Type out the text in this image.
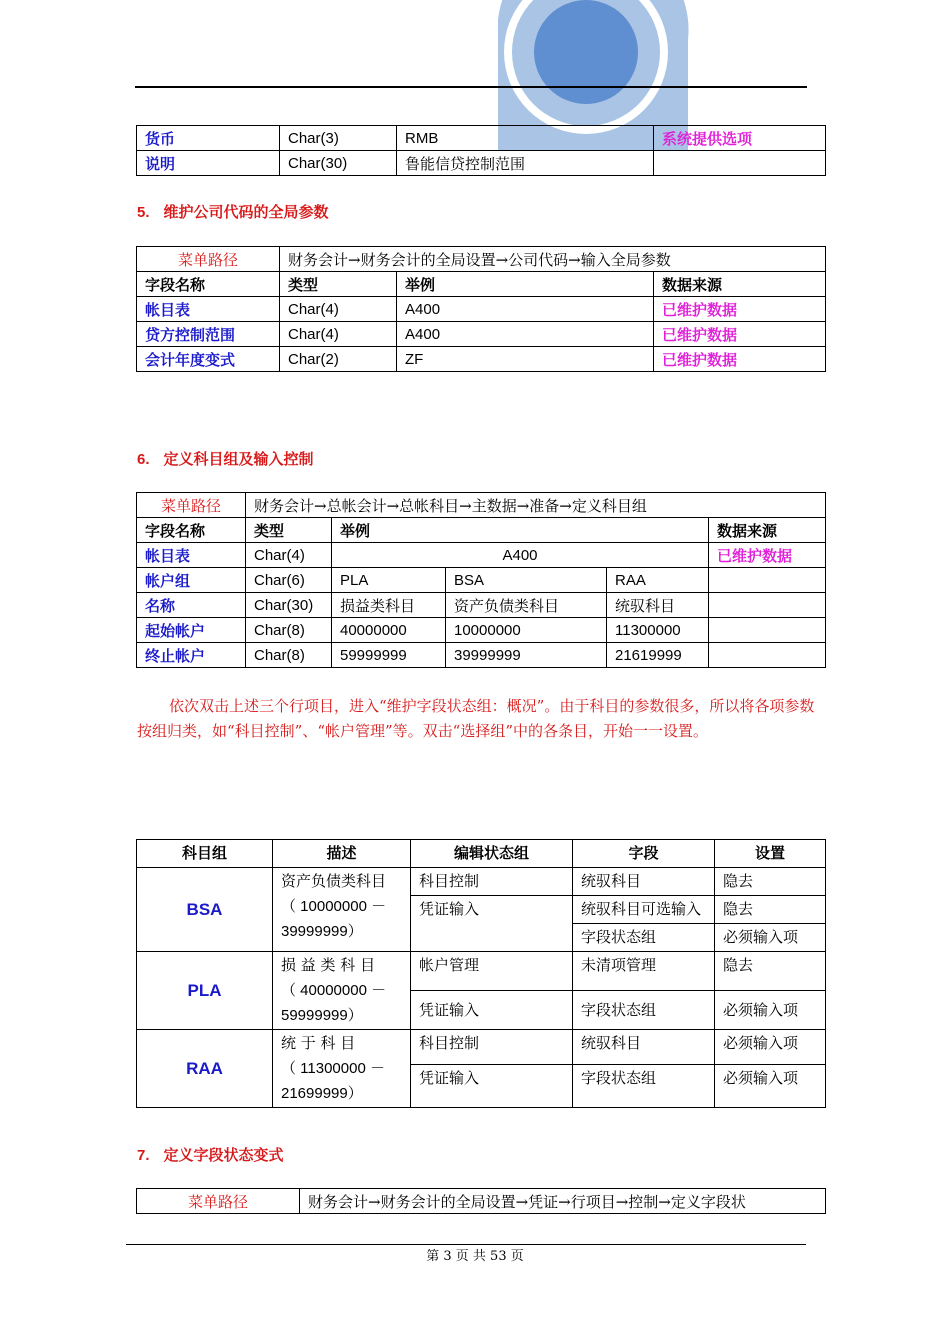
货币	Char(3)	RMB	系统提供选项
说明	Char(30)	鲁能信贷控制范围	
5. 维护公司代码的全局参数
菜单路径	财务会计→财务会计的全局设置→公司代码→输入全局参数		
字段名称	类型	举例	数据来源
帐目表	Char(4)	A400	已维护数据
贷方控制范围	Char(4)	A400	已维护数据
会计年度变式	Char(2)	ZF	已维护数据
6. 定义科目组及输入控制
菜单路径	财务会计→总帐会计→总帐科目→主数据→准备→定义科目组				
字段名称	类型	举例			数据来源
帐目表	Char(4)	A400			已维护数据
帐户组	Char(6)	PLA	BSA	RAA	
名称	Char(30)	损益类科目	资产负债类科目	统驭科目	
起始帐户	Char(8)	40000000	10000000	11300000	
终止帐户	Char(8)	59999999	39999999	21619999	

依次双击上述三个行项目，进入“维护字段状态组：概况”。由于科目的参数很多，所以将各项参数按组归类，如“科目控制”、“帐户管理”等。双击“选择组”中的各条目，开始一一设置。

科目组	描述	编辑状态组	字段	设置
BSA	资产负债类科目
（ 10000000 －
39999999）	科目控制	统驭科目	隐去
		凭证输入	统驭科目可选输入	隐去
			字段状态组	必须输入项
PLA	损 益 类 科 目
（ 40000000 －
59999999）	帐户管理	未清项管理	隐去
		凭证输入	字段状态组	必须输入项
RAA	统 于 科 目
（ 11300000 －
21699999）	科目控制	统驭科目	必须输入项
		凭证输入	字段状态组	必须输入项
7. 定义字段状态变式
菜单路径	财务会计→财务会计的全局设置→凭证→行项目→控制→定义字段状
第 3 页 共 53 页
